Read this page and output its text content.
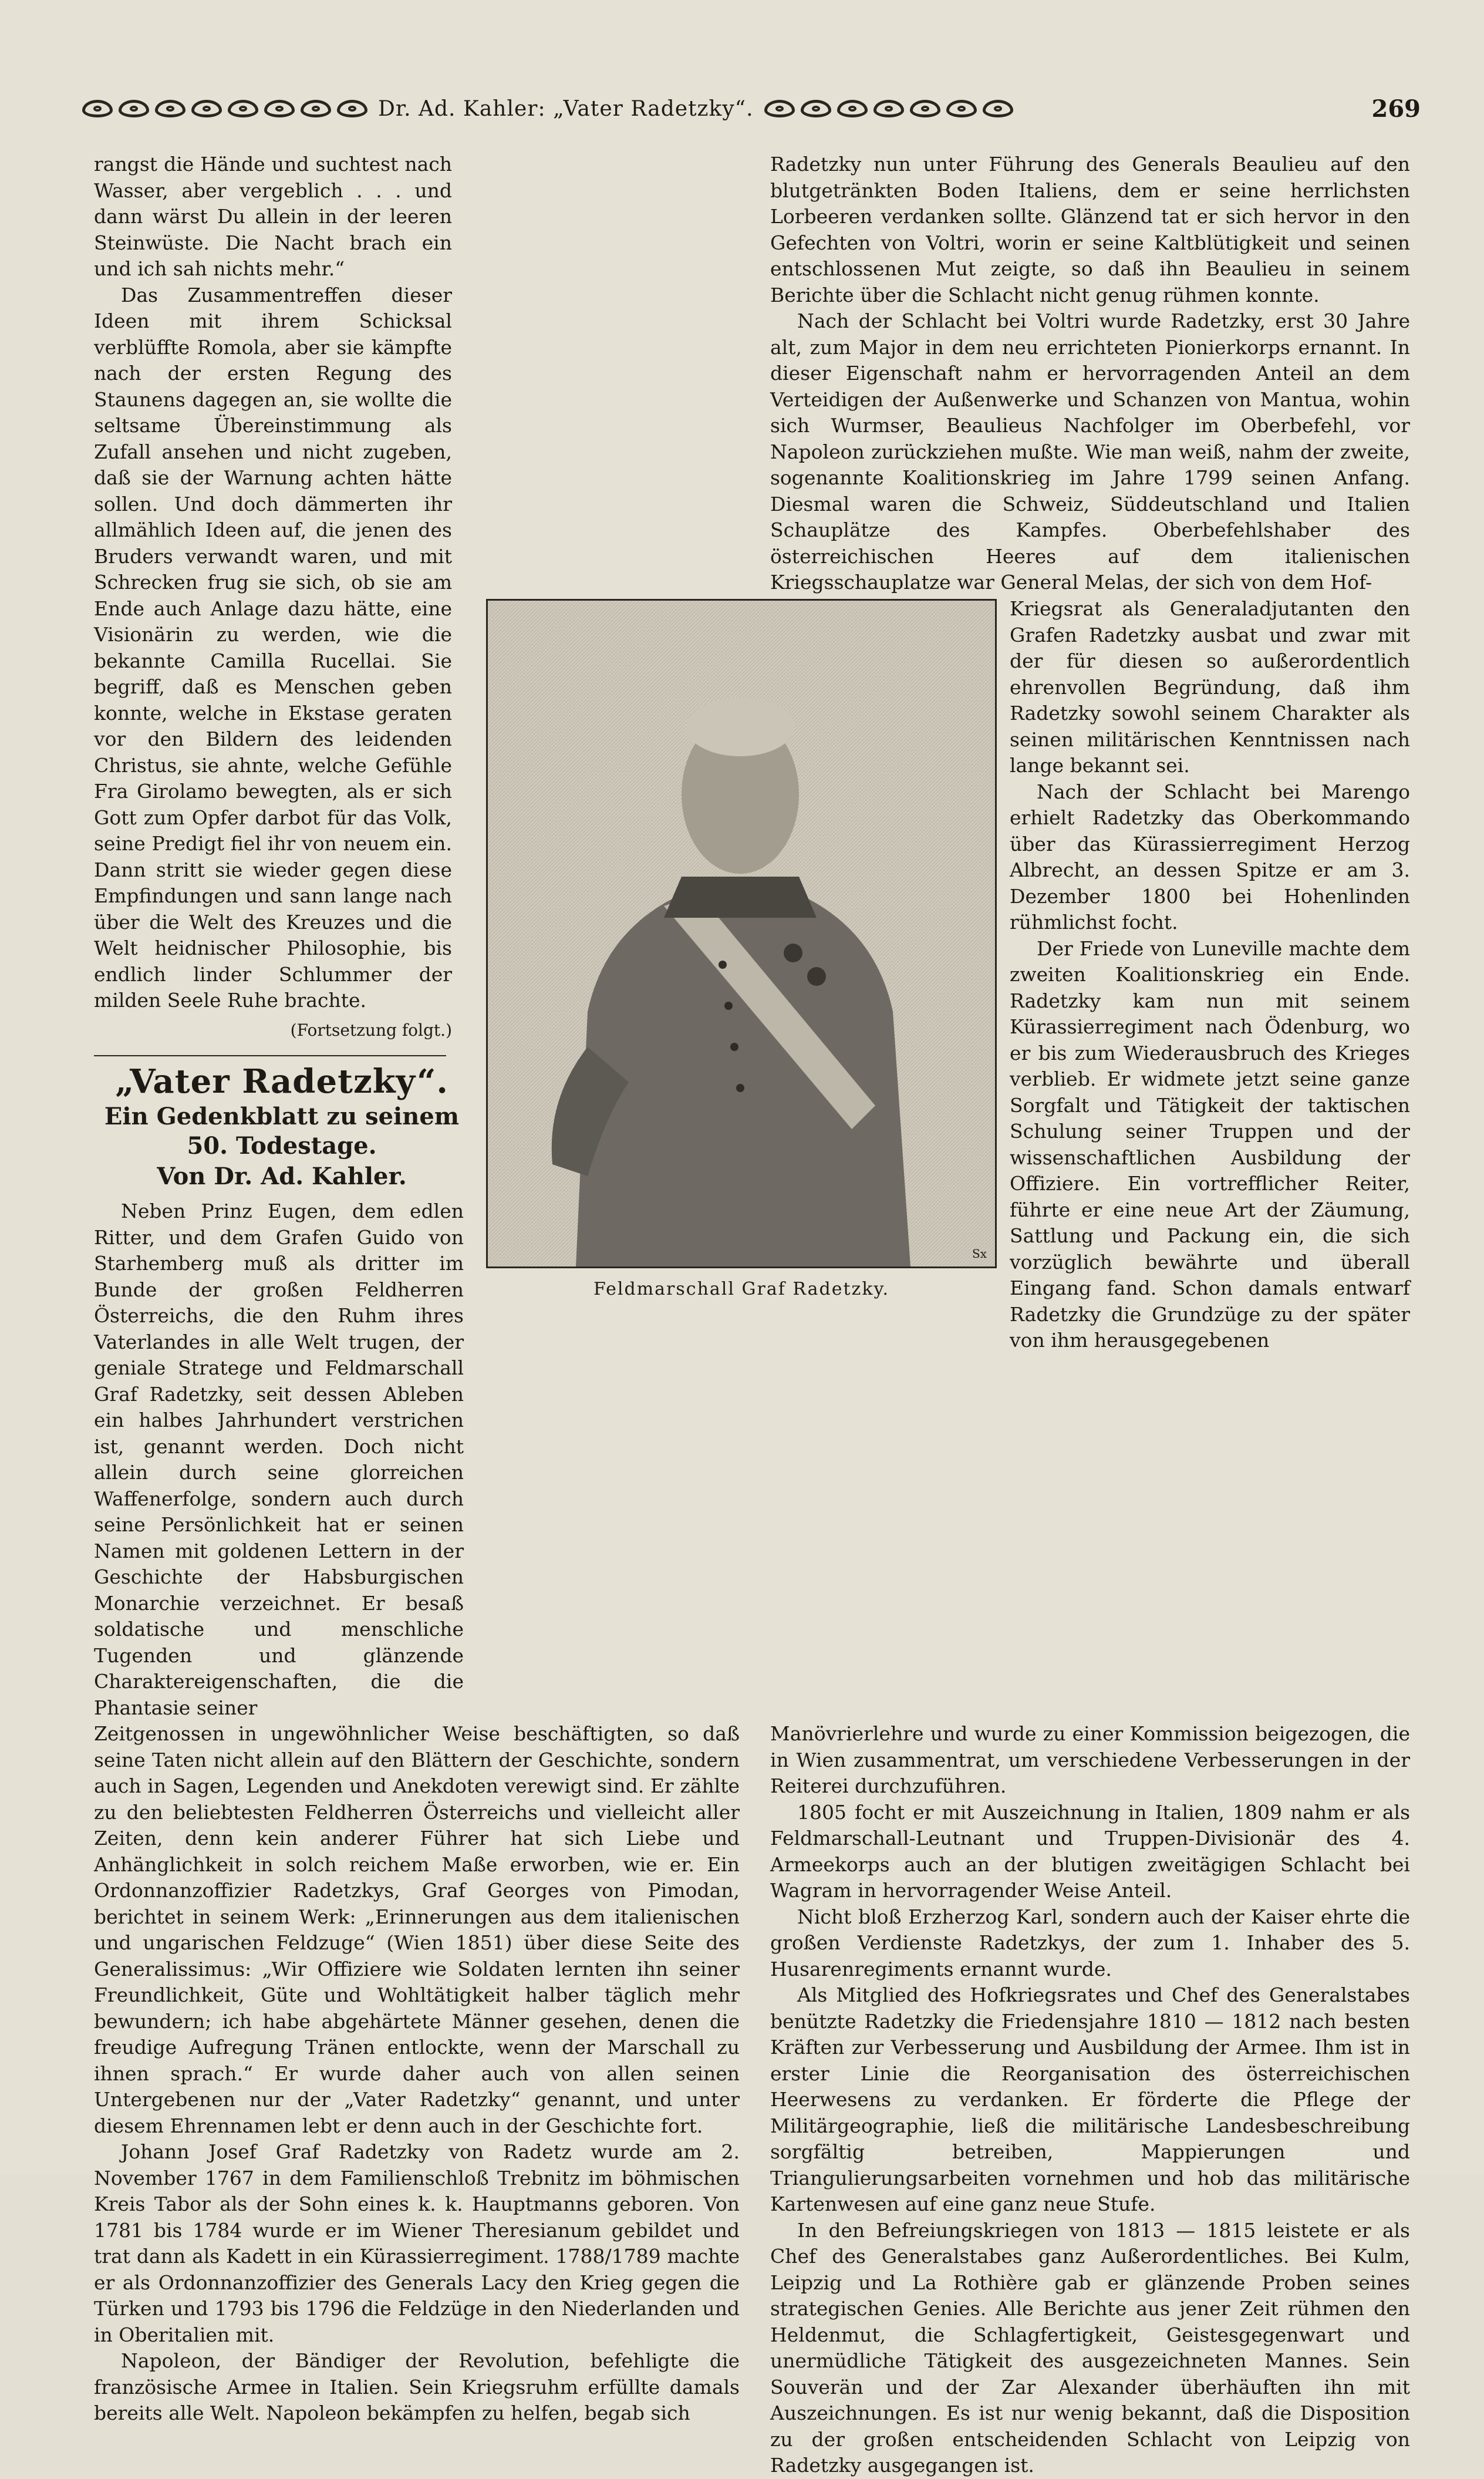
Dr. Ad. Kahler: „Vater Radetzky“.	269

rangst die Hände und suchtest nach Wasser, aber vergeblich . . . und dann wärst Du allein in der leeren Steinwüste. Die Nacht brach ein und ich sah nichts mehr.“

Das Zusammentreffen dieser Ideen mit ihrem Schicksal verblüffte Romola, aber sie kämpfte nach der ersten Regung des Staunens dagegen an, sie wollte die seltsame Übereinstimmung als Zufall ansehen und nicht zugeben, daß sie der Warnung achten hätte sollen. Und doch dämmerten ihr allmählich Ideen auf, die jenen des Bruders verwandt waren, und mit Schrecken frug sie sich, ob sie am Ende auch Anlage dazu hätte, eine Visionärin zu werden, wie die bekannte Camilla Rucellai. Sie begriff, daß es Menschen geben konnte, welche in Ekstase geraten vor den Bildern des leidenden Christus, sie ahnte, welche Gefühle Fra Girolamo bewegten, als er sich Gott zum Opfer darbot für das Volk, seine Predigt fiel ihr von neuem ein. Dann stritt sie wieder gegen diese Empfindungen und sann lange nach über die Welt des Kreuzes und die Welt heidnischer Philosophie, bis endlich linder Schlummer der milden Seele Ruhe brachte.

(Fortsetzung folgt.)

„Vater Radetzky“.

Ein Gedenkblatt zu seinem

50. Todestage.

Von Dr. Ad. Kahler.

Neben Prinz Eugen, dem edlen Ritter, und dem Grafen Guido von Starhemberg muß als dritter im Bunde der großen Feldherren Österreichs, die den Ruhm ihres Vaterlandes in alle Welt trugen, der geniale Stratege und Feldmarschall Graf Radetzky, seit dessen Ableben ein halbes Jahrhundert verstrichen ist, genannt werden. Doch nicht allein durch seine glorreichen Waffenerfolge, sondern auch durch seine Persönlichkeit hat er seinen Namen mit goldenen Lettern in der Geschichte der Habsburgischen Monarchie verzeichnet. Er besaß soldatische und menschliche Tugenden und glänzende Charaktereigenschaften, die die Phantasie seiner

Sx
Feldmarschall Graf Radetzky.

Radetzky nun unter Führung des Generals Beaulieu auf den blutgetränkten Boden Italiens, dem er seine herrlichsten Lorbeeren verdanken sollte. Glänzend tat er sich hervor in den Gefechten von Voltri, worin er seine Kaltblütigkeit und seinen entschlossenen Mut zeigte, so daß ihn Beaulieu in seinem Berichte über die Schlacht nicht genug rühmen konnte.

Nach der Schlacht bei Voltri wurde Radetzky, erst 30 Jahre alt, zum Major in dem neu errichteten Pionierkorps ernannt. In dieser Eigenschaft nahm er hervorragenden Anteil an dem Verteidigen der Außenwerke und Schanzen von Mantua, wohin sich Wurmser, Beaulieus Nachfolger im Oberbefehl, vor Napoleon zurückziehen mußte. Wie man weiß, nahm der zweite, sogenannte Koalitionskrieg im Jahre 1799 seinen Anfang. Diesmal waren die Schweiz, Süddeutschland und Italien Schauplätze des Kampfes. Oberbefehlshaber des österreichischen Heeres auf dem italienischen Kriegsschauplatze war General Melas, der sich von dem Hof-

Kriegsrat als Generaladjutanten den Grafen Radetzky ausbat und zwar mit der für diesen so außerordentlich ehrenvollen Begründung, daß ihm Radetzky sowohl seinem Charakter als seinen militärischen Kenntnissen nach lange bekannt sei.

Nach der Schlacht bei Marengo erhielt Radetzky das Oberkommando über das Kürassierregiment Herzog Albrecht, an dessen Spitze er am 3. Dezember 1800 bei Hohenlinden rühmlichst focht.

Der Friede von Luneville machte dem zweiten Koalitionskrieg ein Ende. Radetzky kam nun mit seinem Kürassierregiment nach Ödenburg, wo er bis zum Wiederausbruch des Krieges verblieb. Er widmete jetzt seine ganze Sorgfalt und Tätigkeit der taktischen Schulung seiner Truppen und der wissenschaftlichen Ausbildung der Offiziere. Ein vortrefflicher Reiter, führte er eine neue Art der Zäumung, Sattlung und Packung ein, die sich vorzüglich bewährte und überall Eingang fand. Schon damals entwarf Radetzky die Grundzüge zu der später von ihm herausgegebenen

Zeitgenossen in ungewöhnlicher Weise beschäftigten, so daß seine Taten nicht allein auf den Blättern der Geschichte, sondern auch in Sagen, Legenden und Anekdoten verewigt sind. Er zählte zu den beliebtesten Feldherren Österreichs und vielleicht aller Zeiten, denn kein anderer Führer hat sich Liebe und Anhänglichkeit in solch reichem Maße erworben, wie er. Ein Ordonnanzoffizier Radetzkys, Graf Georges von Pimodan, berichtet in seinem Werk: „Erinnerungen aus dem italienischen und ungarischen Feldzuge“ (Wien 1851) über diese Seite des Generalissimus: „Wir Offiziere wie Soldaten lernten ihn seiner Freundlichkeit, Güte und Wohltätigkeit halber täglich mehr bewundern; ich habe abgehärtete Männer gesehen, denen die freudige Aufregung Tränen entlockte, wenn der Marschall zu ihnen sprach.“ Er wurde daher auch von allen seinen Untergebenen nur der „Vater Radetzky“ genannt, und unter diesem Ehrennamen lebt er denn auch in der Geschichte fort.

Johann Josef Graf Radetzky von Radetz wurde am 2. November 1767 in dem Familienschloß Trebnitz im böhmischen Kreis Tabor als der Sohn eines k. k. Hauptmanns geboren. Von 1781 bis 1784 wurde er im Wiener Theresianum gebildet und trat dann als Kadett in ein Kürassierregiment. 1788/1789 machte er als Ordonnanzoffizier des Generals Lacy den Krieg gegen die Türken und 1793 bis 1796 die Feldzüge in den Niederlanden und in Oberitalien mit.

Napoleon, der Bändiger der Revolution, befehligte die französische Armee in Italien. Sein Kriegsruhm erfüllte damals bereits alle Welt. Napoleon bekämpfen zu helfen, begab sich

Manövrierlehre und wurde zu einer Kommission beigezogen, die in Wien zusammentrat, um verschiedene Verbesserungen in der Reiterei durchzuführen.

1805 focht er mit Auszeichnung in Italien, 1809 nahm er als Feldmarschall-Leutnant und Truppen-Divisionär des 4. Armeekorps auch an der blutigen zweitägigen Schlacht bei Wagram in hervorragender Weise Anteil.

Nicht bloß Erzherzog Karl, sondern auch der Kaiser ehrte die großen Verdienste Radetzkys, der zum 1. Inhaber des 5. Husarenregiments ernannt wurde.

Als Mitglied des Hofkriegsrates und Chef des Generalstabes benützte Radetzky die Friedensjahre 1810 — 1812 nach besten Kräften zur Verbesserung und Ausbildung der Armee. Ihm ist in erster Linie die Reorganisation des österreichischen Heerwesens zu verdanken. Er förderte die Pflege der Militärgeographie, ließ die militärische Landesbeschreibung sorgfältig betreiben, Mappierungen und Triangulierungsarbeiten vornehmen und hob das militärische Kartenwesen auf eine ganz neue Stufe.

In den Befreiungskriegen von 1813 — 1815 leistete er als Chef des Generalstabes ganz Außerordentliches. Bei Kulm, Leipzig und La Rothière gab er glänzende Proben seines strategischen Genies. Alle Berichte aus jener Zeit rühmen den Heldenmut, die Schlagfertigkeit, Geistesgegenwart und unermüdliche Tätigkeit des ausgezeichneten Mannes. Sein Souverän und der Zar Alexander überhäuften ihn mit Auszeichnungen. Es ist nur wenig bekannt, daß die Disposition zu der großen entscheidenden Schlacht von Leipzig von Radetzky ausgegangen ist.
